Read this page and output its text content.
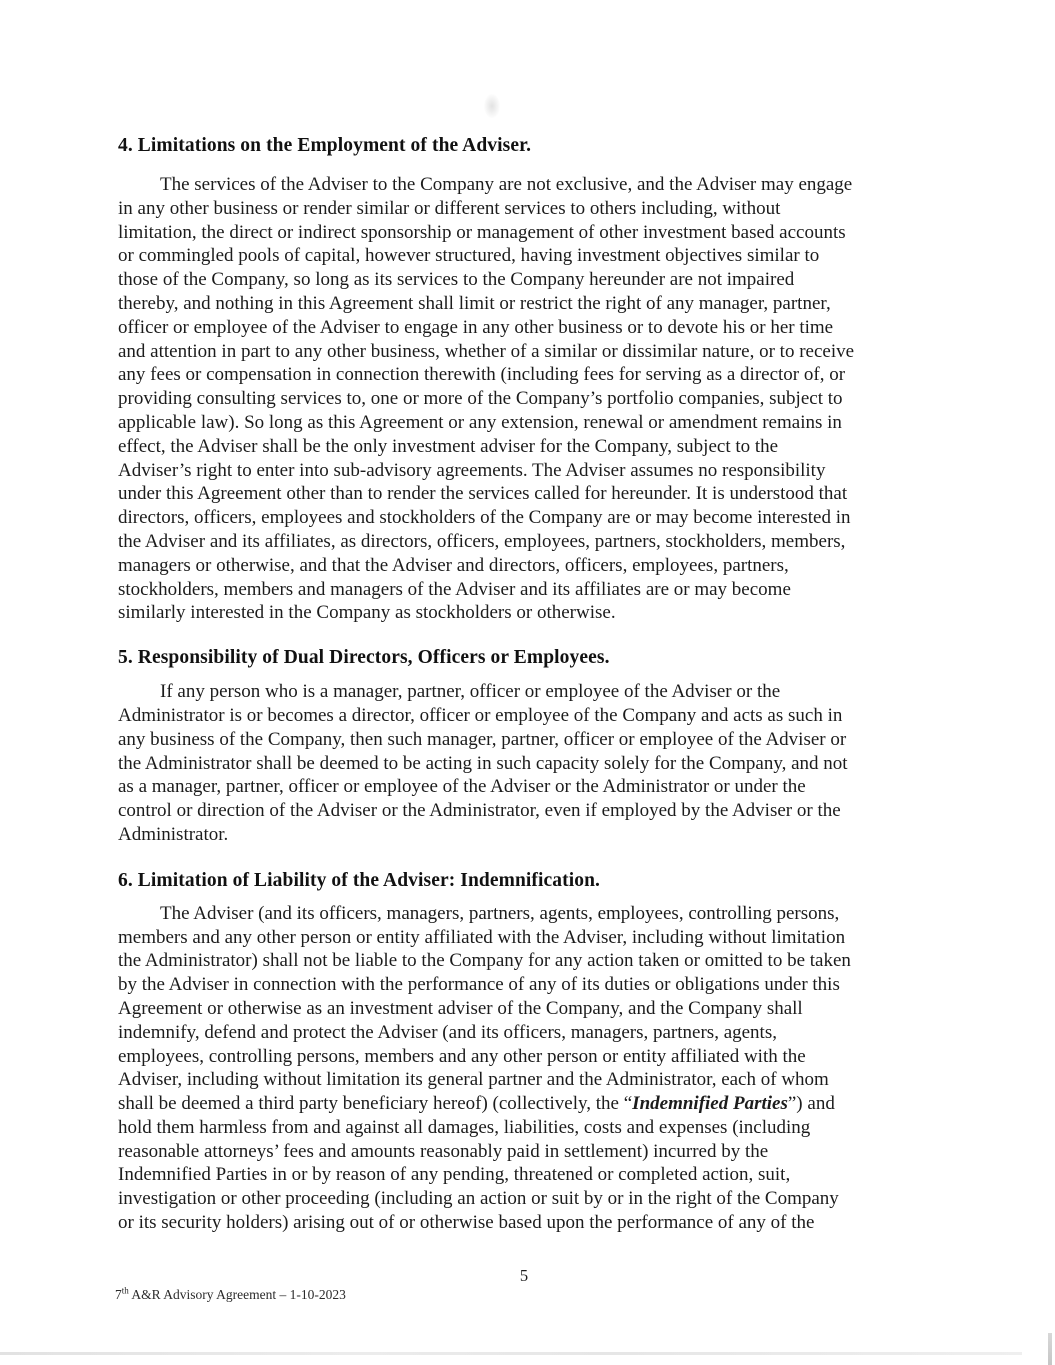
4. Limitations on the Employment of the Adviser.
The services of the Adviser to the Company are not exclusive, and the Adviser may engage
in any other business or render similar or different services to others including, without
limitation, the direct or indirect sponsorship or management of other investment based accounts
or commingled pools of capital, however structured, having investment objectives similar to
those of the Company, so long as its services to the Company hereunder are not impaired
thereby, and nothing in this Agreement shall limit or restrict the right of any manager, partner,
officer or employee of the Adviser to engage in any other business or to devote his or her time
and attention in part to any other business, whether of a similar or dissimilar nature, or to receive
any fees or compensation in connection therewith (including fees for serving as a director of, or
providing consulting services to, one or more of the Company’s portfolio companies, subject to
applicable law). So long as this Agreement or any extension, renewal or amendment remains in
effect, the Adviser shall be the only investment adviser for the Company, subject to the
Adviser’s right to enter into sub-advisory agreements. The Adviser assumes no responsibility
under this Agreement other than to render the services called for hereunder. It is understood that
directors, officers, employees and stockholders of the Company are or may become interested in
the Adviser and its affiliates, as directors, officers, employees, partners, stockholders, members,
managers or otherwise, and that the Adviser and directors, officers, employees, partners,
stockholders, members and managers of the Adviser and its affiliates are or may become
similarly interested in the Company as stockholders or otherwise.
5. Responsibility of Dual Directors, Officers or Employees.
If any person who is a manager, partner, officer or employee of the Adviser or the
Administrator is or becomes a director, officer or employee of the Company and acts as such in
any business of the Company, then such manager, partner, officer or employee of the Adviser or
the Administrator shall be deemed to be acting in such capacity solely for the Company, and not
as a manager, partner, officer or employee of the Adviser or the Administrator or under the
control or direction of the Adviser or the Administrator, even if employed by the Adviser or the
Administrator.
6. Limitation of Liability of the Adviser: Indemnification.
The Adviser (and its officers, managers, partners, agents, employees, controlling persons,
members and any other person or entity affiliated with the Adviser, including without limitation
the Administrator) shall not be liable to the Company for any action taken or omitted to be taken
by the Adviser in connection with the performance of any of its duties or obligations under this
Agreement or otherwise as an investment adviser of the Company, and the Company shall
indemnify, defend and protect the Adviser (and its officers, managers, partners, agents,
employees, controlling persons, members and any other person or entity affiliated with the
Adviser, including without limitation its general partner and the Administrator, each of whom
shall be deemed a third party beneficiary hereof) (collectively, the “Indemnified Parties”) and
hold them harmless from and against all damages, liabilities, costs and expenses (including
reasonable attorneys’ fees and amounts reasonably paid in settlement) incurred by the
Indemnified Parties in or by reason of any pending, threatened or completed action, suit,
investigation or other proceeding (including an action or suit by or in the right of the Company
or its security holders) arising out of or otherwise based upon the performance of any of the
5
7th A&R Advisory Agreement – 1-10-2023
